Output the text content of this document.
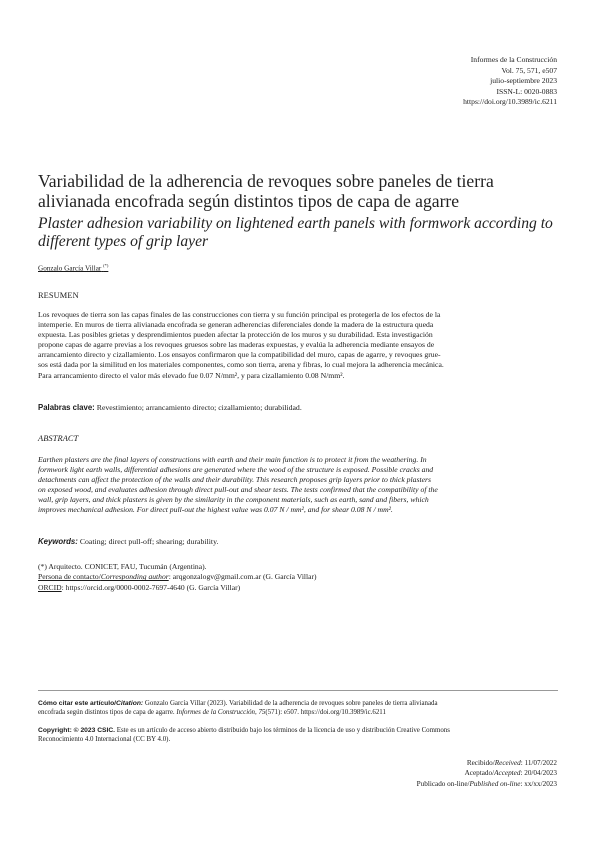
Informes de la Construcción
Vol. 75, 571, e507
julio-septiembre 2023
ISSN-L: 0020-0883
https://doi.org/10.3989/ic.6211
Variabilidad de la adherencia de revoques sobre paneles de tierra alivianada encofrada según distintos tipos de capa de agarre
Plaster adhesion variability on lightened earth panels with formwork according to different types of grip layer
Gonzalo García Villar (*)
RESUMEN
Los revoques de tierra son las capas finales de las construcciones con tierra y su función principal es protegerla de los efectos de la
intemperie. En muros de tierra alivianada encofrada se generan adherencias diferenciales donde la madera de la estructura queda
expuesta. Las posibles grietas y desprendimientos pueden afectar la protección de los muros y su durabilidad. Esta investigación
propone capas de agarre previas a los revoques gruesos sobre las maderas expuestas, y evalúa la adherencia mediante ensayos de
arrancamiento directo y cizallamiento. Los ensayos confirmaron que la compatibilidad del muro, capas de agarre, y revoques grue-
sos está dada por la similitud en los materiales componentes, como son tierra, arena y fibras, lo cual mejora la adherencia mecánica.
Para arrancamiento directo el valor más elevado fue 0.07 N/mm², y para cizallamiento 0.08 N/mm².
Palabras clave: Revestimiento; arrancamiento directo; cizallamiento; durabilidad.
ABSTRACT
Earthen plasters are the final layers of constructions with earth and their main function is to protect it from the weathering. In
formwork light earth walls, differential adhesions are generated where the wood of the structure is exposed. Possible cracks and
detachments can affect the protection of the walls and their durability. This research proposes grip layers prior to thick plasters
on exposed wood, and evaluates adhesion through direct pull-out and shear tests. The tests confirmed that the compatibility of the
wall, grip layers, and thick plasters is given by the similarity in the component materials, such as earth, sand and fibers, which
improves mechanical adhesion. For direct pull-out the highest value was 0.07 N / mm², and for shear 0.08 N / mm².
Keywords: Coating; direct pull-off; shearing; durability.
(*) Arquitecto. CONICET, FAU, Tucumán (Argentina).
Persona de contacto/Corresponding author: arqgonzalogv@gmail.com.ar (G. García Villar)
ORCID: https://orcid.org/0000-0002-7697-4640 (G. García Villar)
Cómo citar este artículo/Citation: Gonzalo García Villar (2023). Variabilidad de la adherencia de revoques sobre paneles de tierra alivianada
encofrada según distintos tipos de capa de agarre. Informes de la Construcción, 75(571): e507. https://doi.org/10.3989/ic.6211
Copyright: © 2023 CSIC. Este es un artículo de acceso abierto distribuido bajo los términos de la licencia de uso y distribución Creative Commons
Reconocimiento 4.0 Internacional (CC BY 4.0).
Recibido/Received: 11/07/2022
Aceptado/Accepted: 20/04/2023
Publicado on-line/Published on-line: xx/xx/2023
